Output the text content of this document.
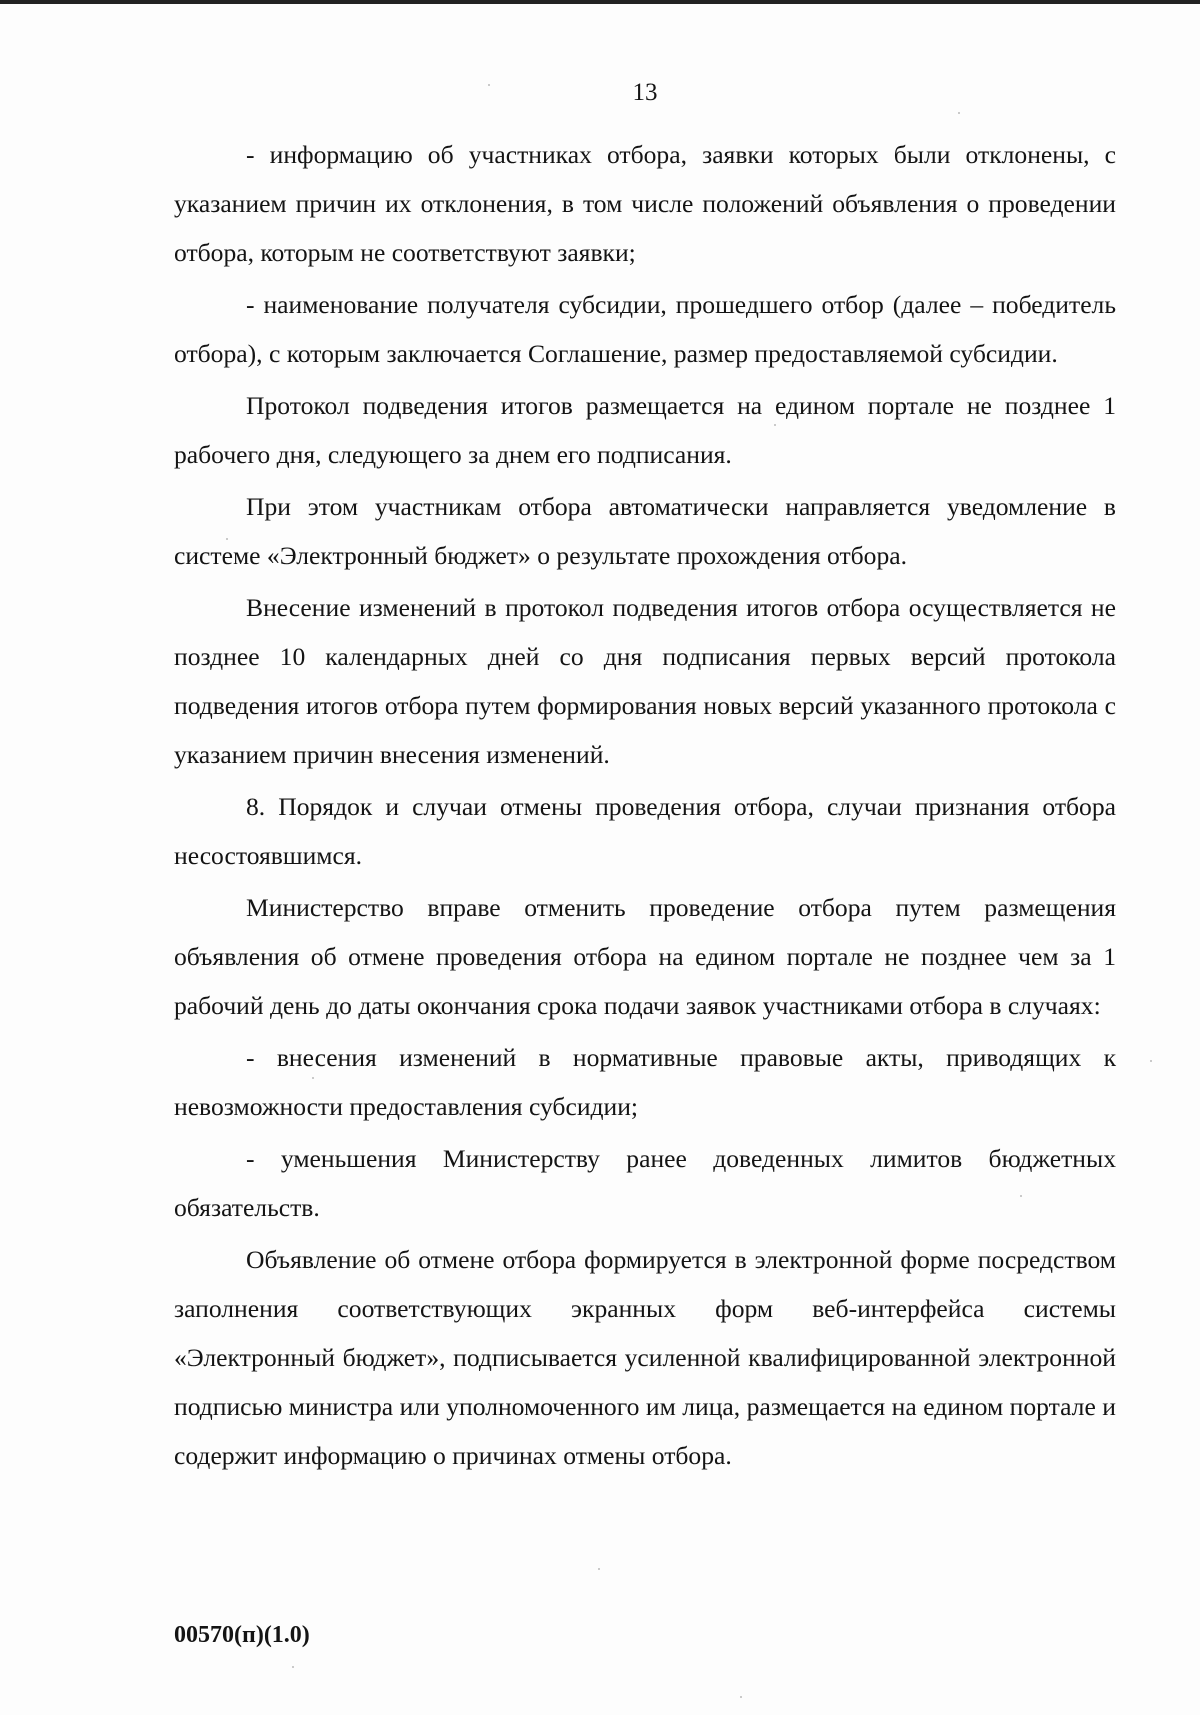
13

- информацию об участниках отбора, заявки которых были отклонены, с указанием причин их отклонения, в том числе положений объявления о проведении отбора, которым не соответствуют заявки;

- наименование получателя субсидии, прошедшего отбор (далее – победитель отбора), с которым заключается Соглашение, размер предоставляемой субсидии.

Протокол подведения итогов размещается на едином портале не позднее 1 рабочего дня, следующего за днем его подписания.

При этом участникам отбора автоматически направляется уведомление в системе «Электронный бюджет» о результате прохождения отбора.

Внесение изменений в протокол подведения итогов отбора осуществляется не позднее 10 календарных дней со дня подписания первых версий протокола подведения итогов отбора путем формирования новых версий указанного протокола с указанием причин внесения изменений.

8. Порядок и случаи отмены проведения отбора, случаи признания отбора несостоявшимся.

Министерство вправе отменить проведение отбора путем размещения объявления об отмене проведения отбора на едином портале не позднее чем за 1 рабочий день до даты окончания срока подачи заявок участниками отбора в случаях:

- внесения изменений в нормативные правовые акты, приводящих к невозможности предоставления субсидии;

- уменьшения Министерству ранее доведенных лимитов бюджетных обязательств.

Объявление об отмене отбора формируется в электронной форме посредством заполнения соответствующих экранных форм веб-интерфейса системы «Электронный бюджет», подписывается усиленной квалифицированной электронной подписью министра или уполномоченного им лица, размещается на едином портале и содержит информацию о причинах отмены отбора.

00570(п)(1.0)
